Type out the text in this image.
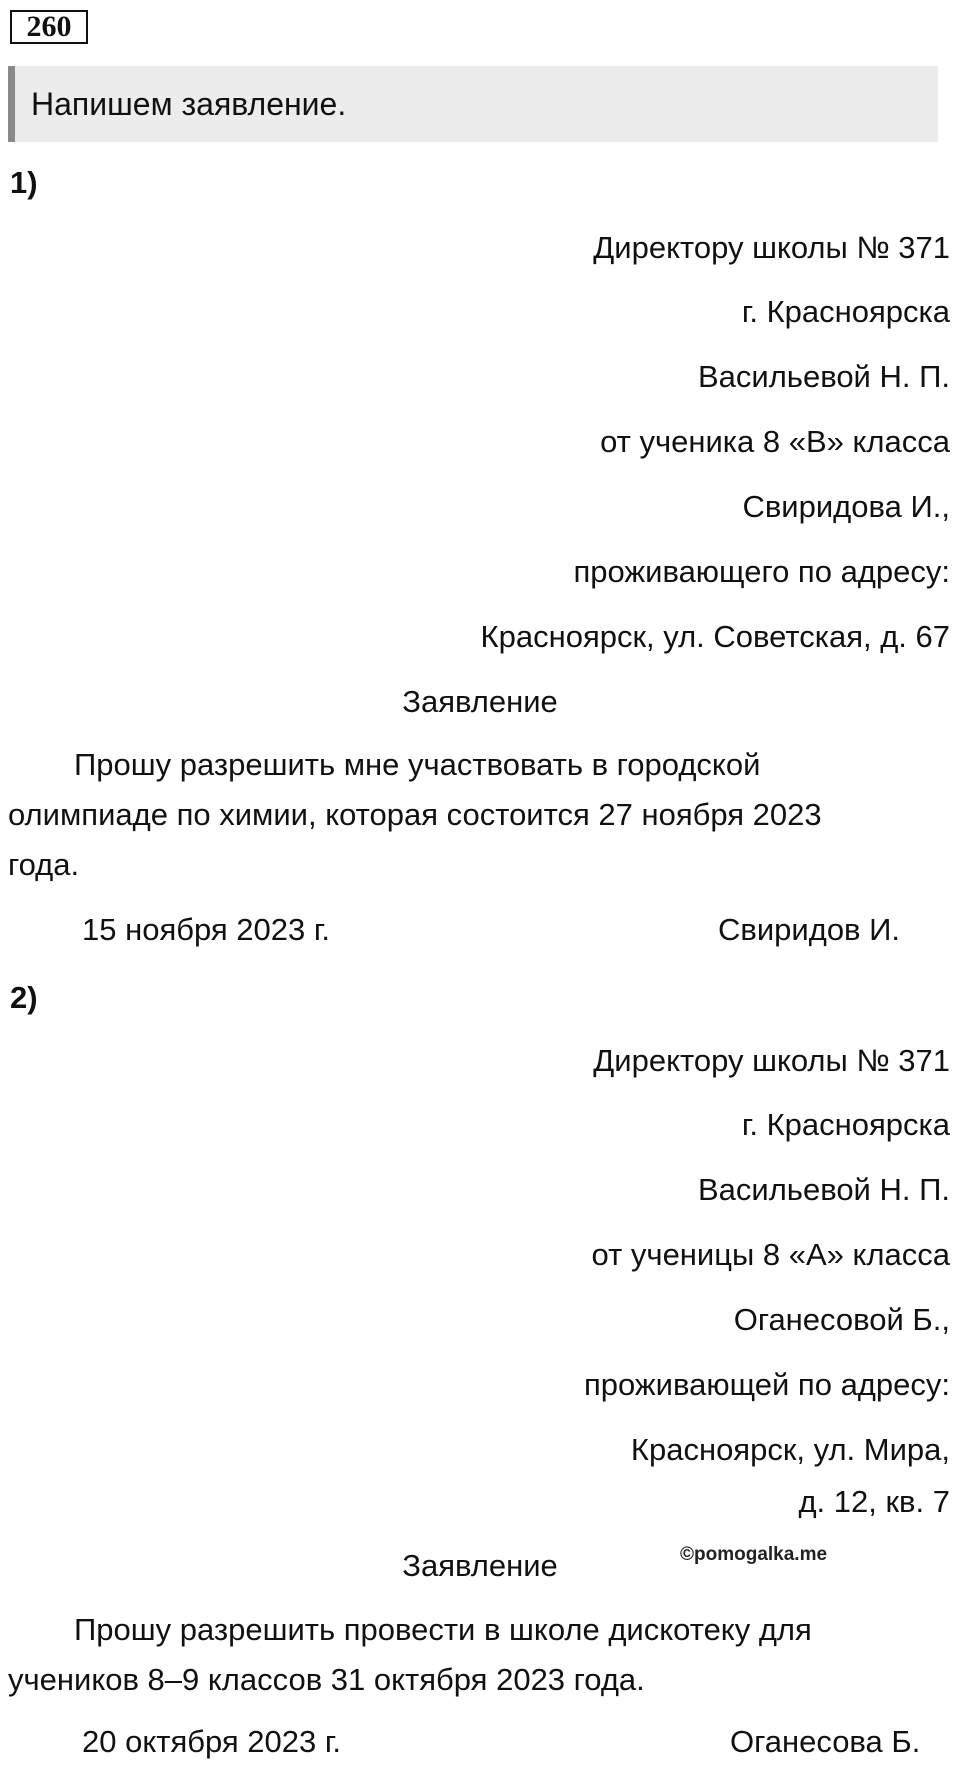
260
Напишем заявление.
1)
Директору школы № 371
г. Красноярска
Васильевой Н. П.
от ученика 8 «В» класса
Свиридова И.,
проживающего по адресу:
Красноярск, ул. Советская, д. 67
Заявление
Прошу разрешить мне участвовать в городской
олимпиаде по химии, которая состоится 27 ноября 2023
года.
15 ноября 2023 г.	Свиридов И.
2)
Директору школы № 371
г. Красноярска
Васильевой Н. П.
от ученицы 8 «А» класса
Оганесовой Б.,
проживающей по адресу:
Красноярск, ул. Мира,
д. 12, кв. 7
Заявление	©pomogalka.me
Прошу разрешить провести в школе дискотеку для
учеников 8–9 классов 31 октября 2023 года.
20 октября 2023 г.	Оганесова Б.
